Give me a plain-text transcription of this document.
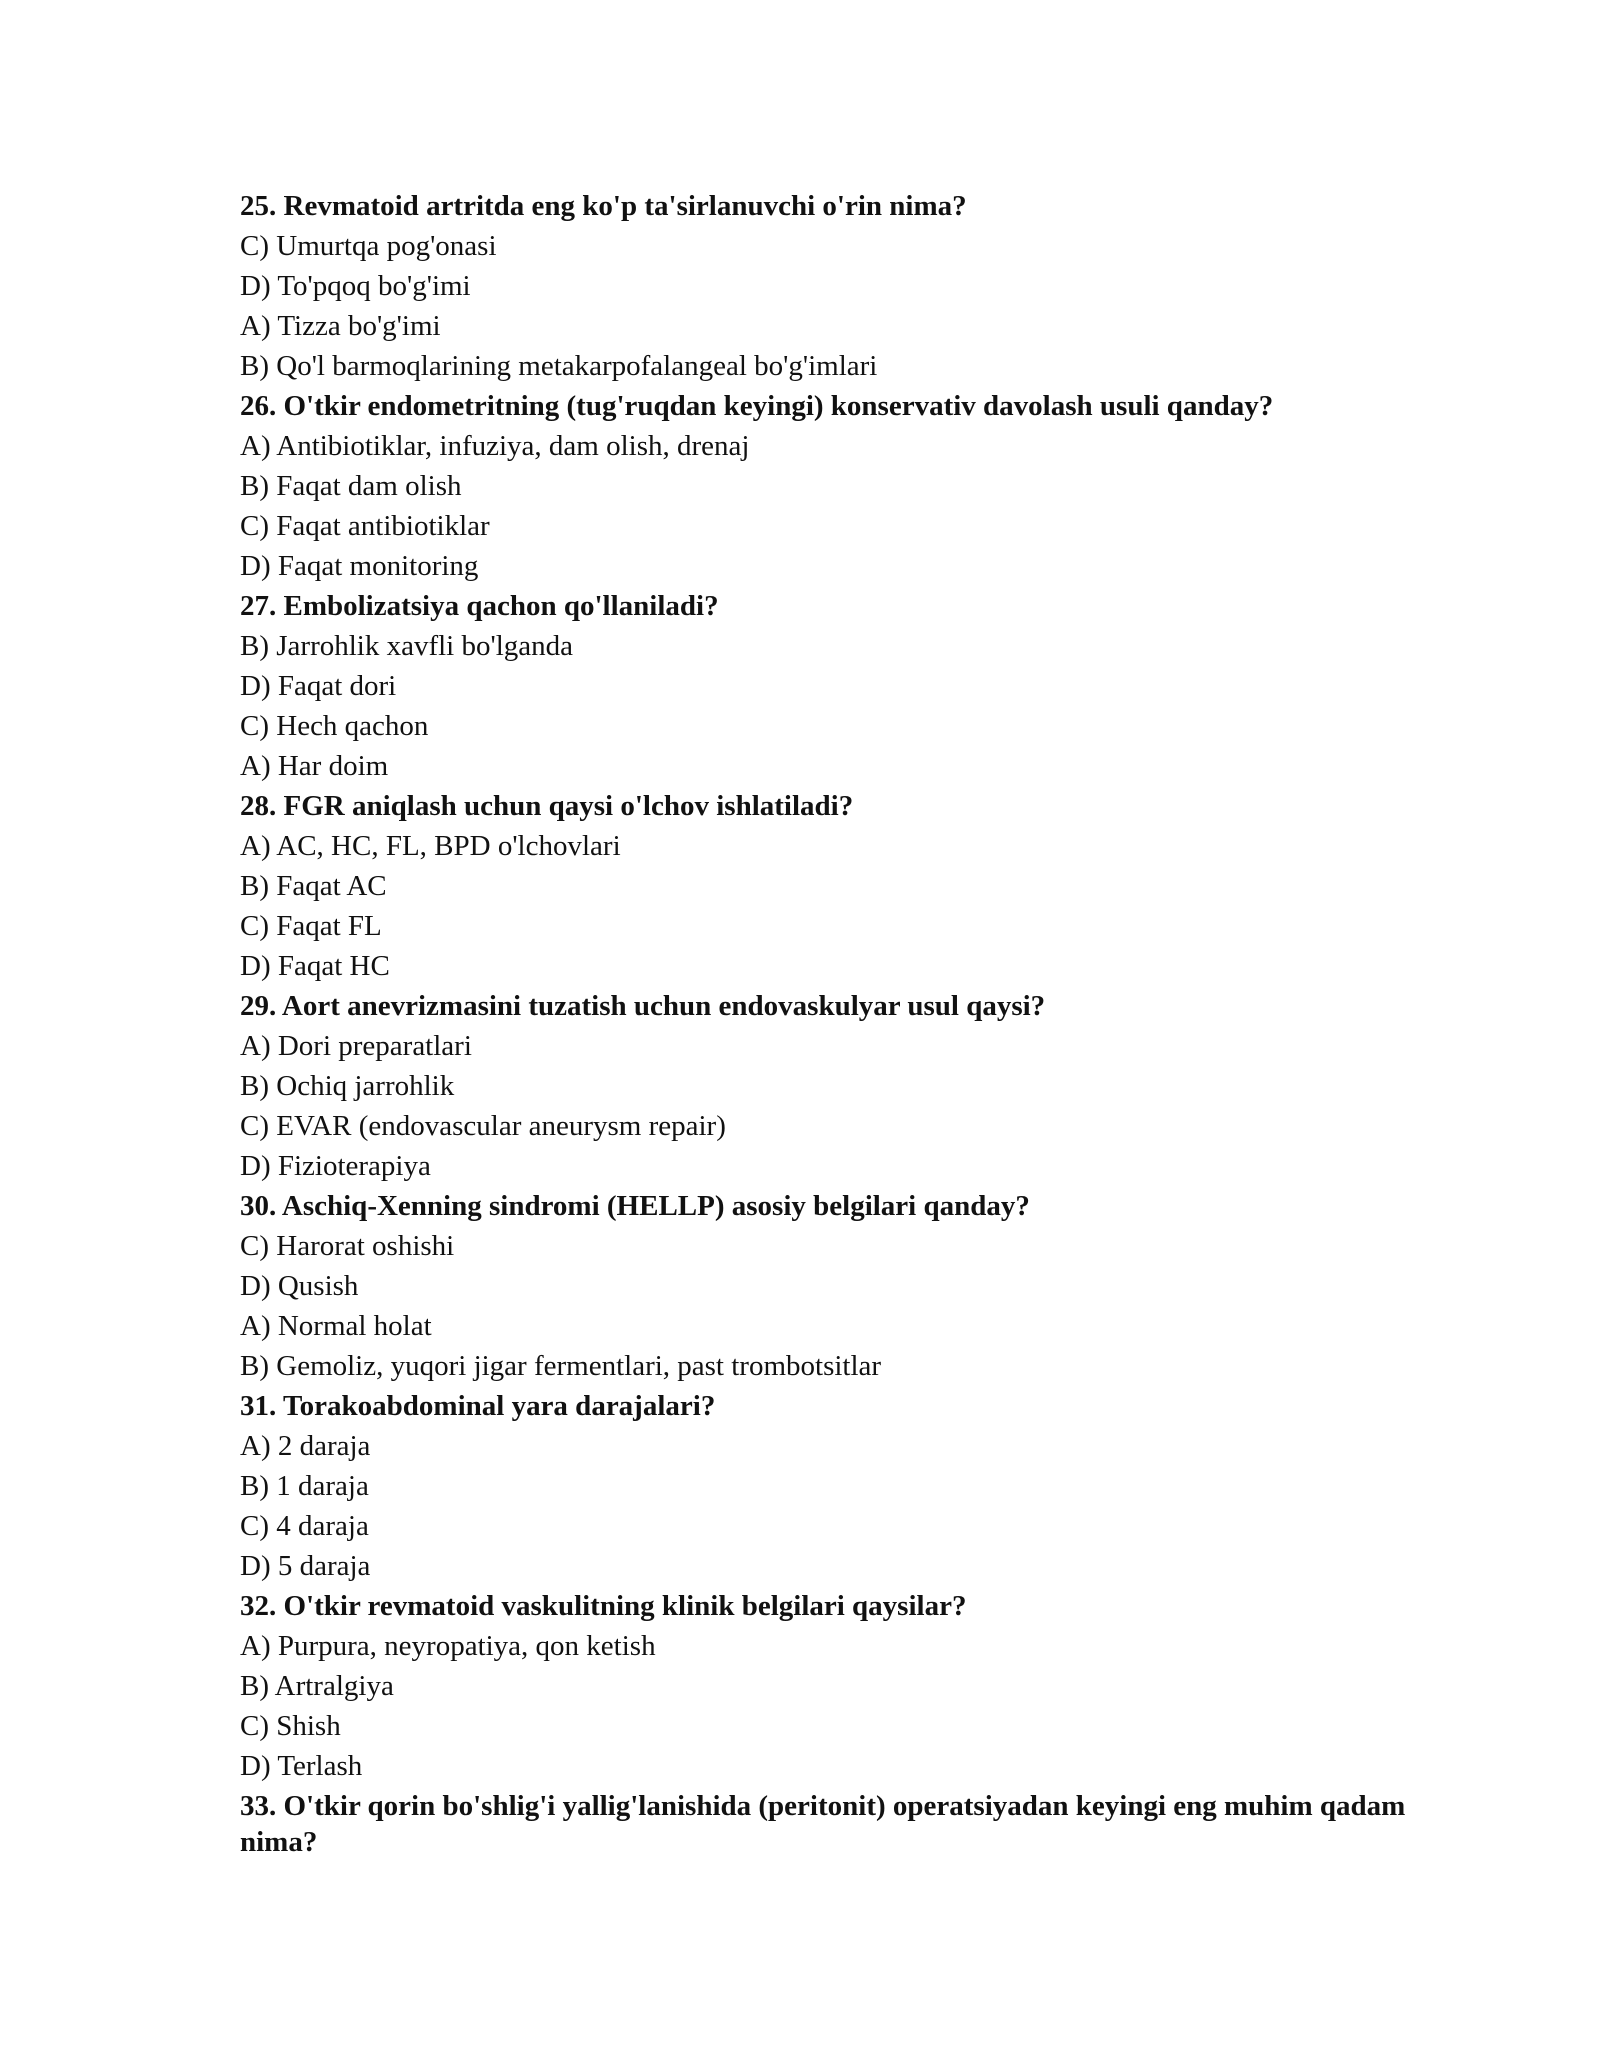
25. Revmatoid artritda eng ko'p ta'sirlanuvchi o'rin nima?
C) Umurtqa pog'onasi
D) To'pqoq bo'g'imi
A) Tizza bo'g'imi
B) Qo'l barmoqlarining metakarpofalangeal bo'g'imlari
26. O'tkir endometritning (tug'ruqdan keyingi) konservativ davolash usuli qanday?
A) Antibiotiklar, infuziya, dam olish, drenaj
B) Faqat dam olish
C) Faqat antibiotiklar
D) Faqat monitoring
27. Embolizatsiya qachon qo'llaniladi?
B) Jarrohlik xavfli bo'lganda
D) Faqat dori
C) Hech qachon
A) Har doim
28. FGR aniqlash uchun qaysi o'lchov ishlatiladi?
A) AC, HC, FL, BPD o'lchovlari
B) Faqat AC
C) Faqat FL
D) Faqat HC
29. Aort anevrizmasini tuzatish uchun endovaskulyar usul qaysi?
A) Dori preparatlari
B) Ochiq jarrohlik
C) EVAR (endovascular aneurysm repair)
D) Fizioterapiya
30. Aschiq-Xenning sindromi (HELLP) asosiy belgilari qanday?
C) Harorat oshishi
D) Qusish
A) Normal holat
B) Gemoliz, yuqori jigar fermentlari, past trombotsitlar
31. Torakoabdominal yara darajalari?
A) 2 daraja
B) 1 daraja
C) 4 daraja
D) 5 daraja
32. O'tkir revmatoid vaskulitning klinik belgilari qaysilar?
A) Purpura, neyropatiya, qon ketish
B) Artralgiya
C) Shish
D) Terlash
33. O'tkir qorin bo'shlig'i yallig'lanishida (peritonit) operatsiyadan keyingi eng muhim qadam nima?
